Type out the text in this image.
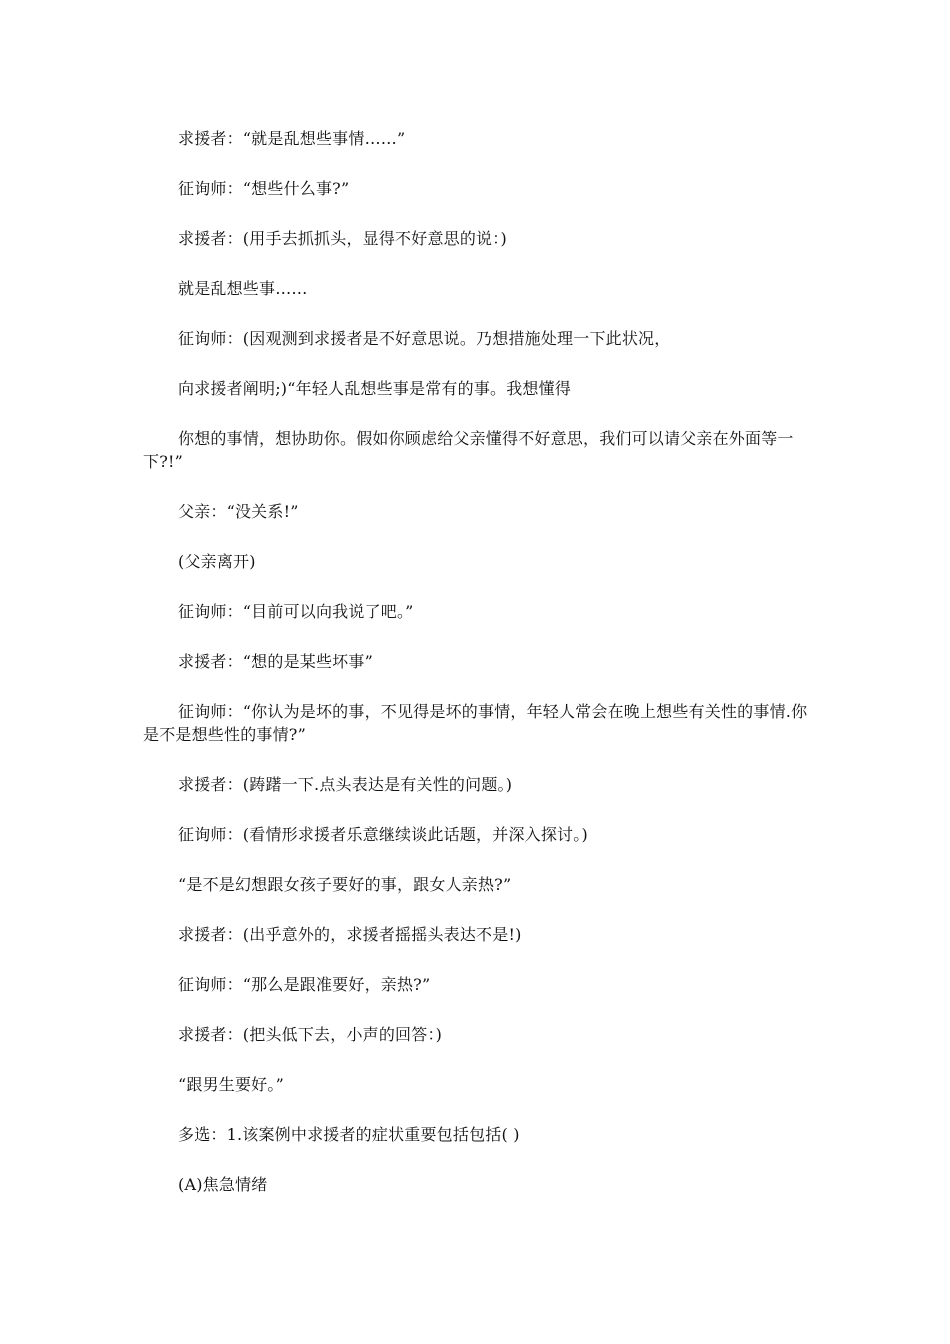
求援者：“就是乱想些事情……”

征询师：“想些什么事?”

求援者：(用手去抓抓头，显得不好意思的说：)

就是乱想些事……

征询师：(因观测到求援者是不好意思说。乃想措施处理一下此状况，

向求援者阐明;)“年轻人乱想些事是常有的事。我想懂得

你想的事情，想协助你。假如你顾虑给父亲懂得不好意思，我们可以请父亲在外面等一下?!”

父亲：“没关系!”

(父亲离开)

征询师：“目前可以向我说了吧。”

求援者：“想的是某些坏事”

征询师：“你认为是坏的事，不见得是坏的事情，年轻人常会在晚上想些有关性的事情.你是不是想些性的事情?”

求援者：(踌躇一下.点头表达是有关性的问题。)

征询师：(看情形求援者乐意继续谈此话题，并深入探讨。)

“是不是幻想跟女孩子要好的事，跟女人亲热?”

求援者：(出乎意外的，求援者摇摇头表达不是!)

征询师：“那么是跟准要好，亲热?”

求援者：(把头低下去，小声的回答：)

“跟男生要好。”

多选：1.该案例中求援者的症状重要包括包括( )

(A)焦急情绪
